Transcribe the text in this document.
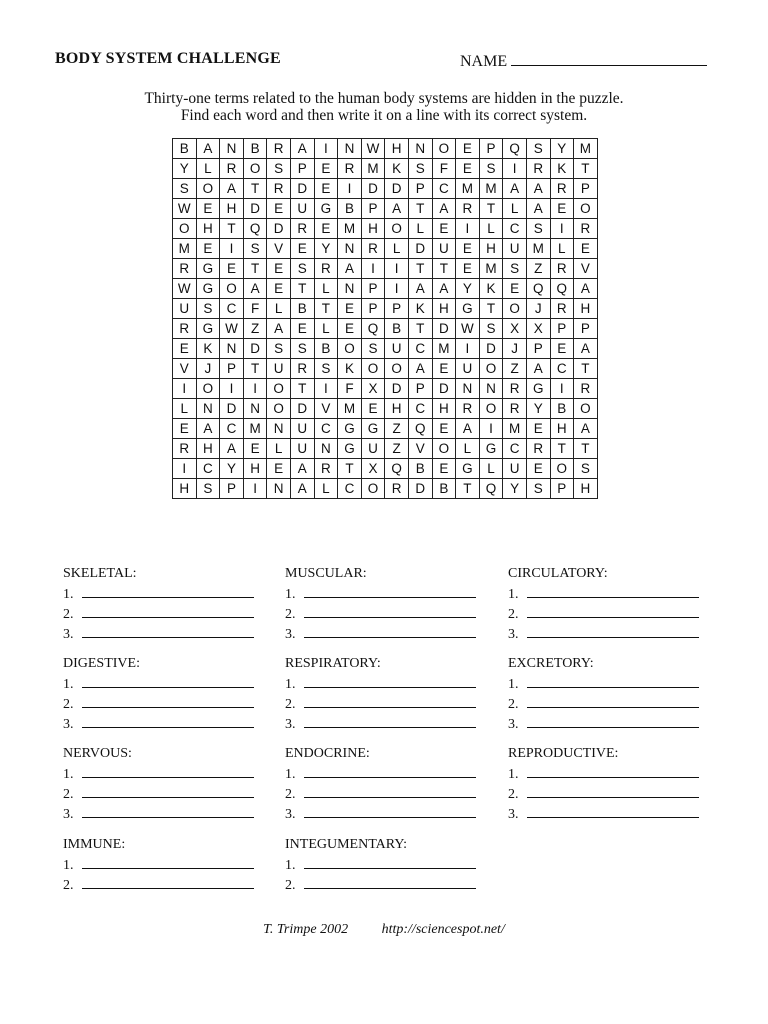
BODY SYSTEM CHALLENGE	NAME
Thirty-one terms related to the human body systems are hidden in the puzzle.
Find each word and then write it on a line with its correct system.
B	A	N	B	R	A	I	N	W	H	N	O	E	P	Q	S	Y	M
Y	L	R	O	S	P	E	R	M	K	S	F	E	S	I	R	K	T
S	O	A	T	R	D	E	I	D	D	P	C	M	M	A	A	R	P
W	E	H	D	E	U	G	B	P	A	T	A	R	T	L	A	E	O
O	H	T	Q	D	R	E	M	H	O	L	E	I	L	C	S	I	R
M	E	I	S	V	E	Y	N	R	L	D	U	E	H	U	M	L	E
R	G	E	T	E	S	R	A	I	I	T	T	E	M	S	Z	R	V
W	G	O	A	E	T	L	N	P	I	A	A	Y	K	E	Q	Q	A
U	S	C	F	L	B	T	E	P	P	K	H	G	T	O	J	R	H
R	G	W	Z	A	E	L	E	Q	B	T	D	W	S	X	X	P	P
E	K	N	D	S	S	B	O	S	U	C	M	I	D	J	P	E	A
V	J	P	T	U	R	S	K	O	O	A	E	U	O	Z	A	C	T
I	O	I	I	O	T	I	F	X	D	P	D	N	N	R	G	I	R
L	N	D	N	O	D	V	M	E	H	C	H	R	O	R	Y	B	O
E	A	C	M	N	U	C	G	G	Z	Q	E	A	I	M	E	H	A
R	H	A	E	L	U	N	G	U	Z	V	O	L	G	C	R	T	T
I	C	Y	H	E	A	R	T	X	Q	B	E	G	L	U	E	O	S
H	S	P	I	N	A	L	C	O	R	D	B	T	Q	Y	S	P	H
SKELETAL:
1.
2.
3.
MUSCULAR:
1.
2.
3.
CIRCULATORY:
1.
2.
3.
DIGESTIVE:
1.
2.
3.
RESPIRATORY:
1.
2.
3.
EXCRETORY:
1.
2.
3.
NERVOUS:
1.
2.
3.
ENDOCRINE:
1.
2.
3.
REPRODUCTIVE:
1.
2.
3.
IMMUNE:
1.
2.
INTEGUMENTARY:
1.
2.
T. Trimpe 2002 http://sciencespot.net/
